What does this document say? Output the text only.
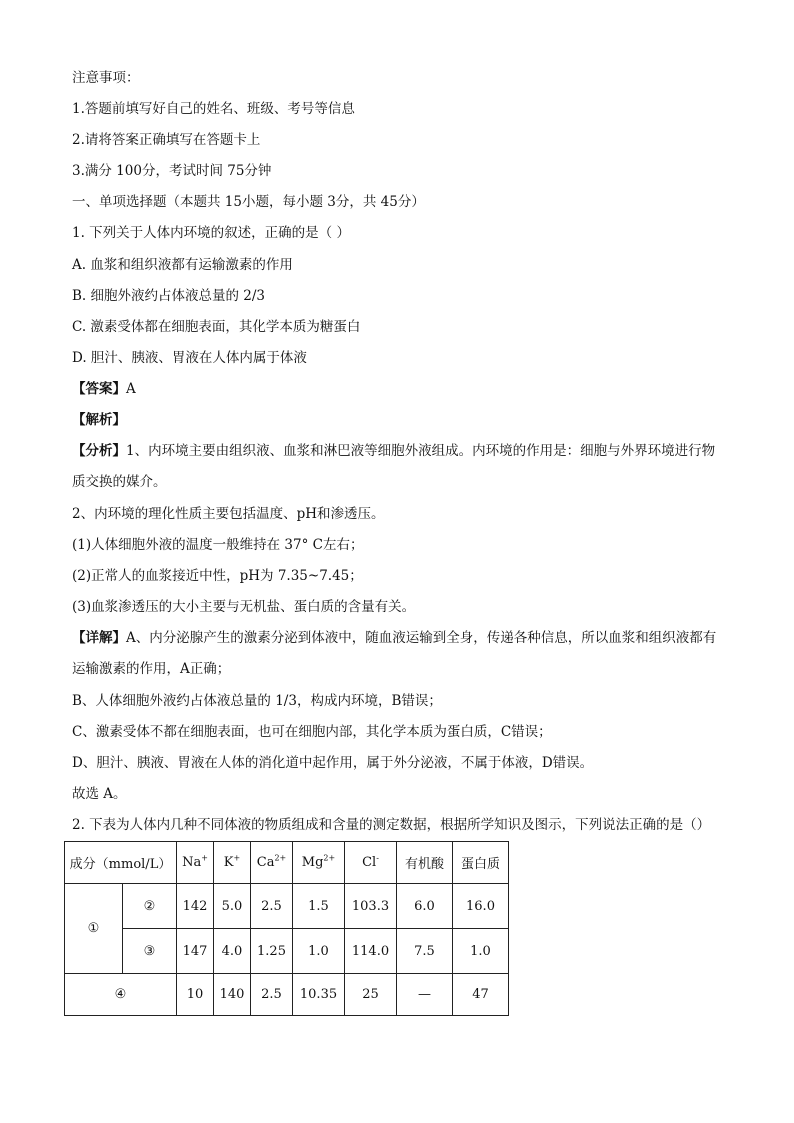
注意事项：
1.答题前填写好自己的姓名、班级、考号等信息
2.请将答案正确填写在答题卡上
3.满分 100分，考试时间 75分钟
一、单项选择题（本题共 15小题，每小题 3分，共 45分）
1. 下列关于人体内环境的叙述，正确的是（ ）
A. 血浆和组织液都有运输激素的作用
B. 细胞外液约占体液总量的 2/3
C. 激素受体都在细胞表面，其化学本质为糖蛋白
D. 胆汁、胰液、胃液在人体内属于体液
【答案】A
【解析】
【分析】1、内环境主要由组织液、血浆和淋巴液等细胞外液组成。内环境的作用是：细胞与外界环境进行物质交换的媒介。
2、内环境的理化性质主要包括温度、pH和渗透压。
(1)人体细胞外液的温度一般维持在 37° C左右；
(2)正常人的血浆接近中性，pH为 7.35~7.45；
(3)血浆渗透压的大小主要与无机盐、蛋白质的含量有关。
【详解】A、内分泌腺产生的激素分泌到体液中，随血液运输到全身，传递各种信息，所以血浆和组织液都有运输激素的作用，A正确；
B、人体细胞外液约占体液总量的 1/3，构成内环境，B错误；
C、激素受体不都在细胞表面，也可在细胞内部，其化学本质为蛋白质，C错误；
D、胆汁、胰液、胃液在人体的消化道中起作用，属于外分泌液，不属于体液，D错误。
故选 A。
2. 下表为人体内几种不同体液的物质组成和含量的测定数据，根据所学知识及图示，下列说法正确的是（）
成分（mmol/L）		Na+	K+	$Ca^{2+}$	$Mg^{2+}$	Cl-	有机酸	蛋白质
①	②	142	5.0	2.5	1.5	103.3	6.0	16.0
	③	147	4.0	1.25	1.0	114.0	7.5	1.0
④		10	140	2.5	10.35	25	—	47
